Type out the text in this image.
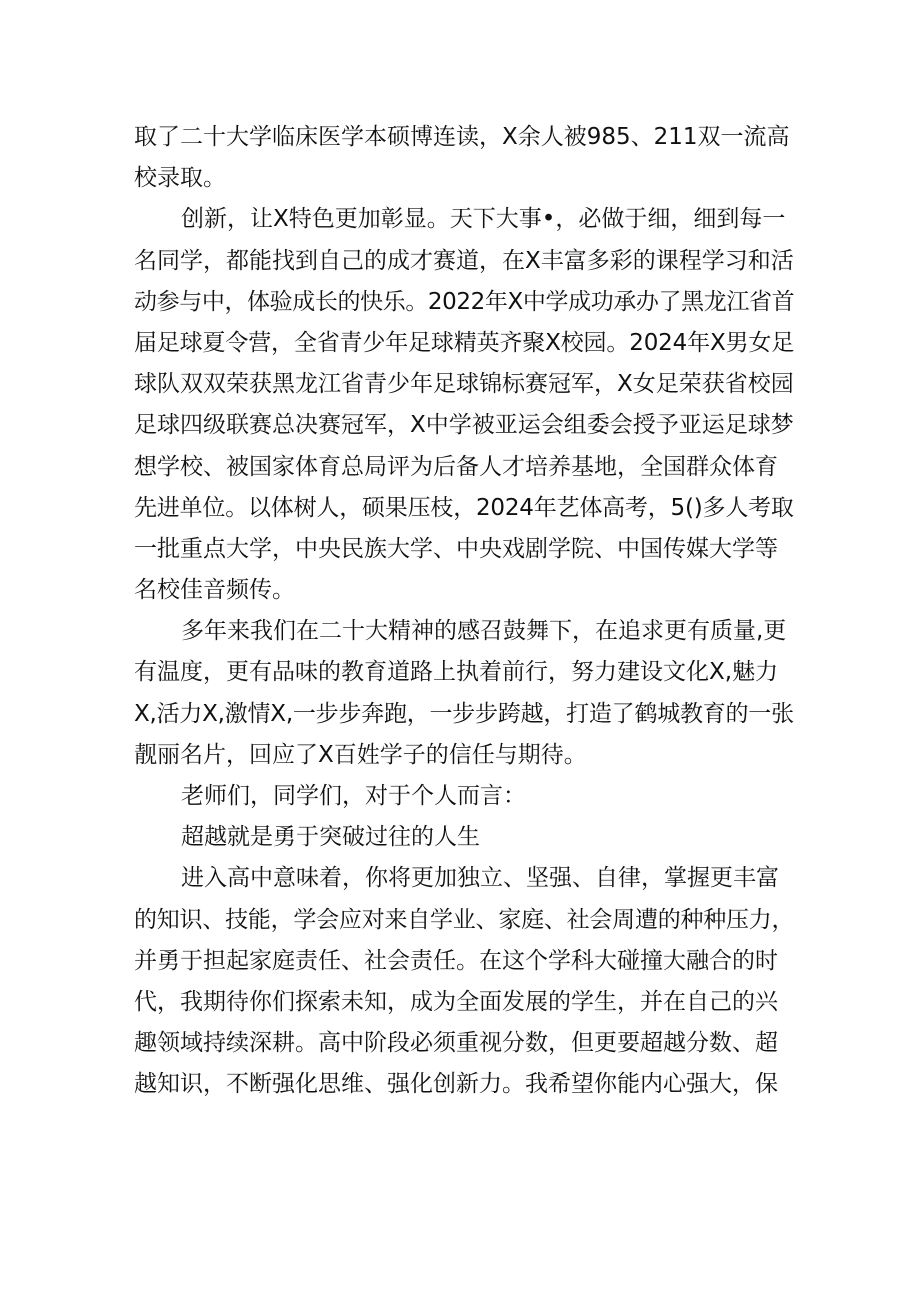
取了二十大学临床医学本硕博连读，X余人被985、211双一流高
校录取。
创新，让X特色更加彰显。天下大事•，必做于细，细到每一
名同学，都能找到自己的成才赛道，在X丰富多彩的课程学习和活
动参与中，体验成长的快乐。2022年X中学成功承办了黑龙江省首
届足球夏令营，全省青少年足球精英齐聚X校园。2024年X男女足
球队双双荣获黑龙江省青少年足球锦标赛冠军，X女足荣获省校园
足球四级联赛总决赛冠军，X中学被亚运会组委会授予亚运足球梦
想学校、被国家体育总局评为后备人才培养基地，全国群众体育
先进单位。以体树人，硕果压枝，2024年艺体高考，5()多人考取
一批重点大学，中央民族大学、中央戏剧学院、中国传媒大学等
名校佳音频传。
多年来我们在二十大精神的感召鼓舞下，在追求更有质量,更
有温度，更有品味的教育道路上执着前行，努力建设文化X,魅力
X,活力X,激情X,一步步奔跑，一步步跨越，打造了鹤城教育的一张
靓丽名片，回应了X百姓学子的信任与期待。
老师们，同学们，对于个人而言：
超越就是勇于突破过往的人生
进入高中意味着，你将更加独立、坚强、自律，掌握更丰富
的知识、技能，学会应对来自学业、家庭、社会周遭的种种压力，
并勇于担起家庭责任、社会责任。在这个学科大碰撞大融合的时
代，我期待你们探索未知，成为全面发展的学生，并在自己的兴
趣领域持续深耕。高中阶段必须重视分数，但更要超越分数、超
越知识，不断强化思维、强化创新力。我希望你能内心强大，保
